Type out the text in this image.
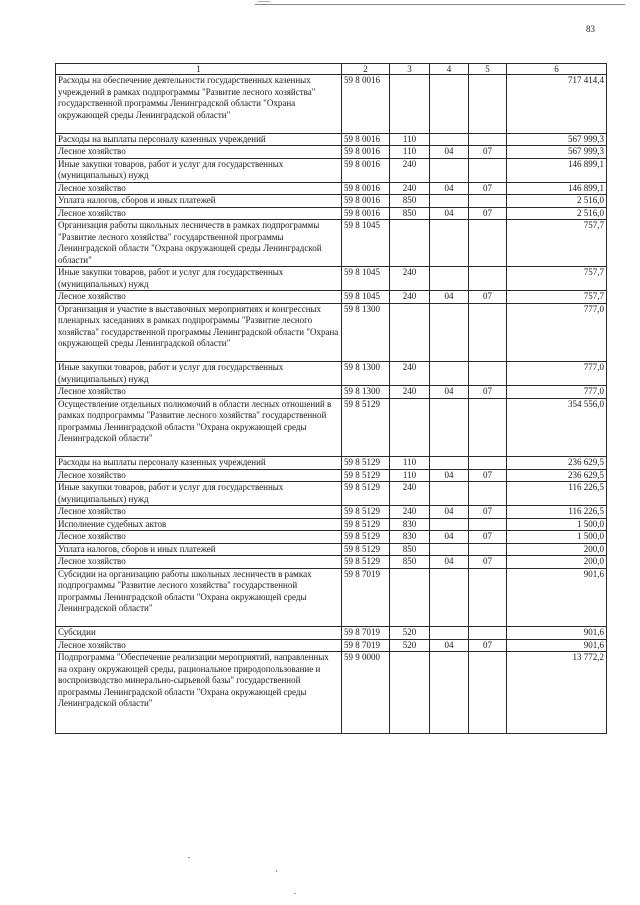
83
1	2	3	4	5	6
Расходы на обеспечение деятельности государственных казенных учреждений в рамках подпрограммы "Развитие лесного хозяйства" государственной программы Ленинградской области "Охрана окружающей среды Ленинградской области"	59 8 0016				717 414,4
Расходы на выплаты персоналу казенных учреждений	59 8 0016	110			567 999,3
Лесное хозяйство	59 8 0016	110	04	07	567 999,3
Иные закупки товаров, работ и услуг для государственных (муниципальных) нужд	59 8 0016	240			146 899,1
Лесное хозяйство	59 8 0016	240	04	07	146 899,1
Уплата налогов, сборов и иных платежей	59 8 0016	850			2 516,0
Лесное хозяйство	59 8 0016	850	04	07	2 516,0
Организация работы школьных лесничеств в рамках подпрограммы "Развитие лесного хозяйства" государственной программы Ленинградской области "Охрана окружающей среды Ленинградской области"	59 8 1045				757,7
Иные закупки товаров, работ и услуг для государственных (муниципальных) нужд	59 8 1045	240			757,7
Лесное хозяйство	59 8 1045	240	04	07	757,7
Организация и участие в выставочных мероприятиях и конгрессных пленарных заседаниях в рамках подпрограммы "Развитие лесного хозяйства" государственной программы Ленинградской области "Охрана окружающей среды Ленинградской области"	59 8 1300				777,0
Иные закупки товаров, работ и услуг для государственных (муниципальных) нужд	59 8 1300	240			777,0
Лесное хозяйство	59 8 1300	240	04	07	777,0
Осуществление отдельных полномочий в области лесных отношений в рамках подпрограммы "Развитие лесного хозяйства" государственной программы Ленинградской области "Охрана окружающей среды Ленинградской области"	59 8 5129				354 556,0
Расходы на выплаты персоналу казенных учреждений	59 8 5129	110			236 629,5
Лесное хозяйство	59 8 5129	110	04	07	236 629,5
Иные закупки товаров, работ и услуг для государственных (муниципальных) нужд	59 8 5129	240			116 226,5
Лесное хозяйство	59 8 5129	240	04	07	116 226,5
Исполнение судебных актов	59 8 5129	830			1 500,0
Лесное хозяйство	59 8 5129	830	04	07	1 500,0
Уплата налогов, сборов и иных платежей	59 8 5129	850			200,0
Лесное хозяйство	59 8 5129	850	04	07	200,0
Субсидии на организацию работы школьных лесничеств в рамках подпрограммы "Развитие лесного хозяйства" государственной программы Ленинградской области "Охрана окружающей среды Ленинградской области"	59 8 7019				901,6
Субсидии	59 8 7019	520			901,6
Лесное хозяйство	59 8 7019	520	04	07	901,6
Подпрограмма "Обеспечение реализации мероприятий, направленных на охрану окружающей среды, рациональное природопользование и воспроизводство минерально-сырьевой базы" государственной программы Ленинградской области "Охрана окружающей среды Ленинградской области"	59 9 0000				13 772,2
